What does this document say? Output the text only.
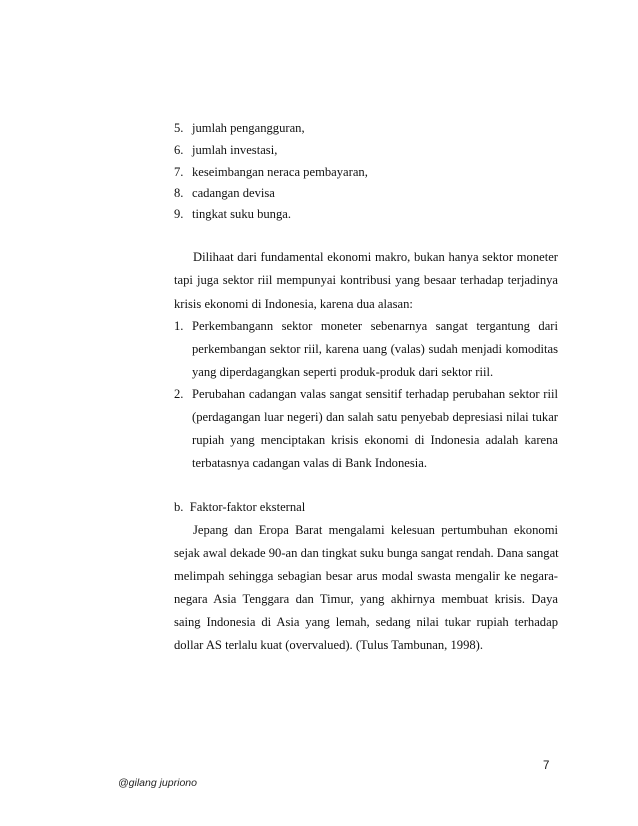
5. jumlah pengangguran,
6. jumlah investasi,
7. keseimbangan neraca pembayaran,
8. cadangan devisa
9. tingkat suku bunga.
Dilihaat dari fundamental ekonomi makro, bukan hanya sektor moneter
tapi juga sektor riil mempunyai kontribusi yang besaar terhadap terjadinya
krisis ekonomi di Indonesia, karena dua alasan:
1. Perkembangann sektor moneter sebenarnya sangat tergantung dari
perkembangan sektor riil, karena uang (valas) sudah menjadi komoditas
yang diperdagangkan seperti produk-produk dari sektor riil.
2. Perubahan cadangan valas sangat sensitif terhadap perubahan sektor riil
(perdagangan luar negeri) dan salah satu penyebab depresiasi nilai tukar
rupiah yang menciptakan krisis ekonomi di Indonesia adalah karena
terbatasnya cadangan valas di Bank Indonesia.
b.  Faktor-faktor eksternal
Jepang dan Eropa Barat mengalami kelesuan pertumbuhan ekonomi
sejak awal dekade 90-an dan tingkat suku bunga sangat rendah. Dana sangat
melimpah sehingga sebagian besar arus modal swasta mengalir ke negara-
negara Asia Tenggara dan Timur, yang akhirnya membuat krisis. Daya
saing Indonesia di Asia yang lemah, sedang nilai tukar rupiah terhadap
dollar AS terlalu kuat (overvalued). (Tulus Tambunan, 1998).
7
@gilang jupriono
